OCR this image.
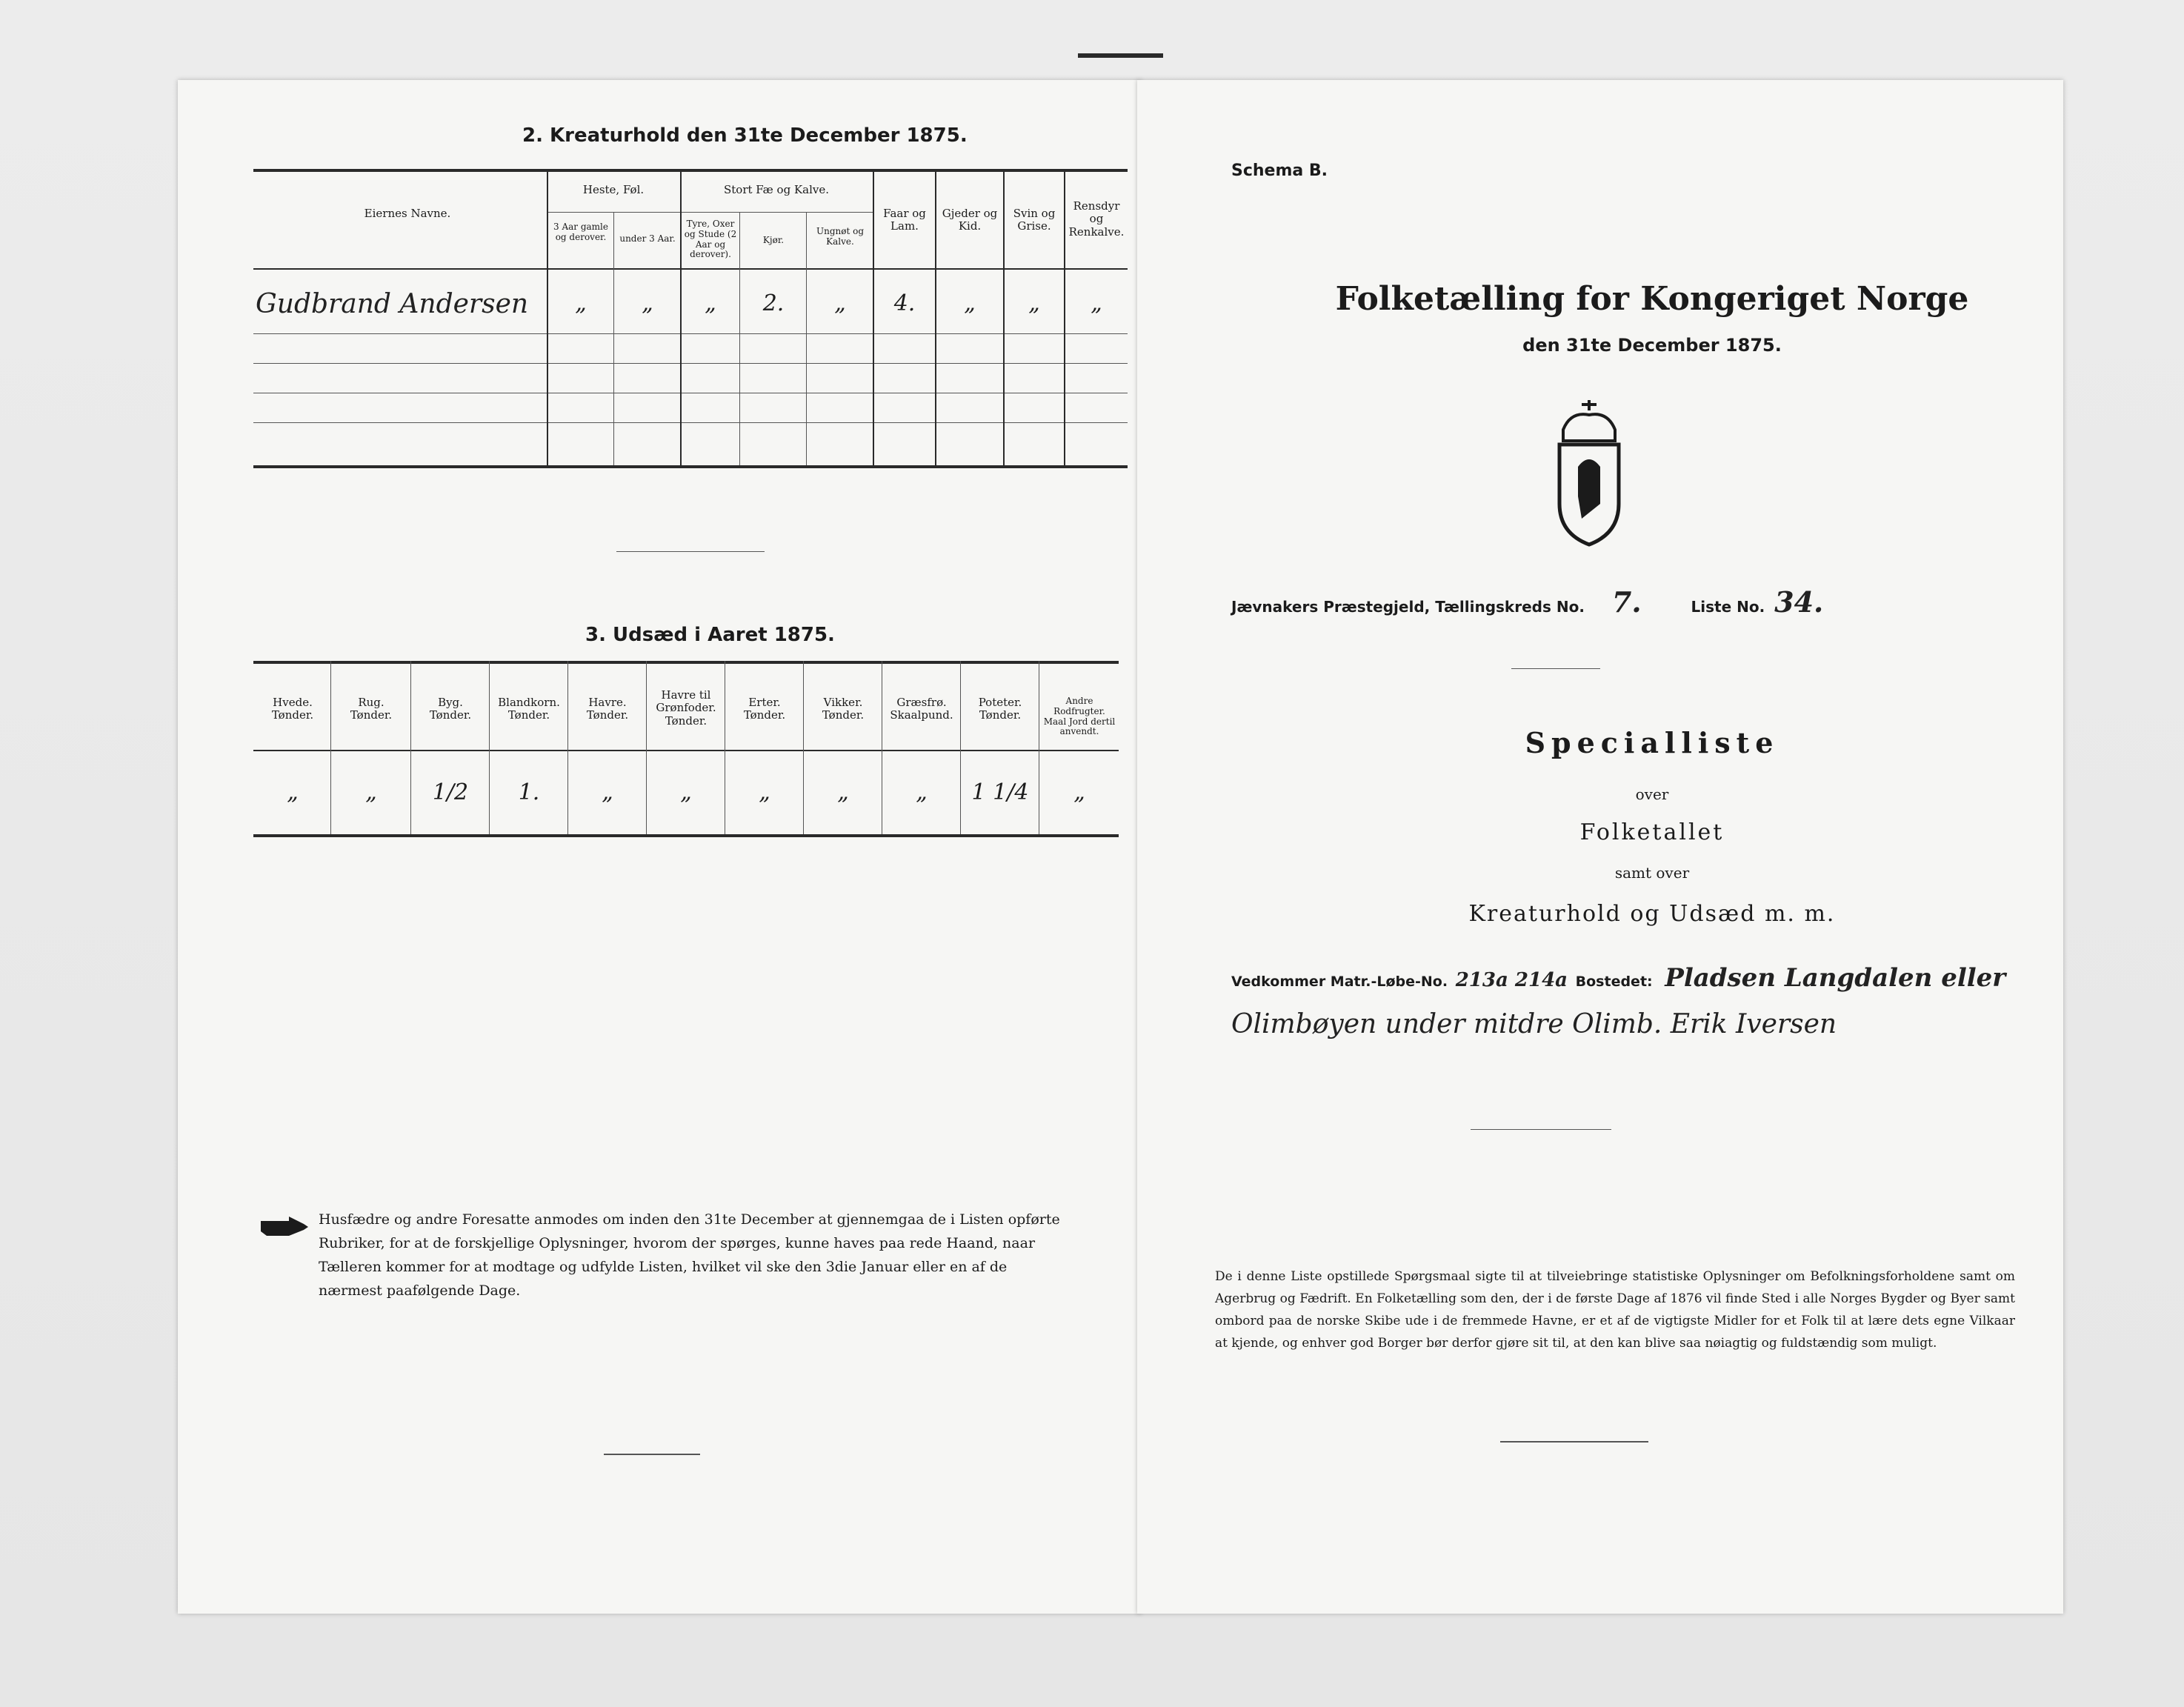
2. Kreaturhold den 31te December 1875.
Eiernes Navne.
Heste, Føl.
3 Aar gamle og derover.	under 3 Aar.
Stort Fæ og Kalve.
Tyre, Oxer og Stude (2 Aar og derover).
Kjør.
Ungnøt og Kalve.
Faar og Lam.
Gjeder og Kid.
Svin og Grise.
Rensdyr og Renkalve.
Gudbrand Andersen	„	„	„	2.	„	4.	„	„	„
3. Udsæd i Aaret 1875.
Hvede.
Tønder.
Rug.
Tønder.
Byg.
Tønder.
Blandkorn.
Tønder.
Havre.
Tønder.
Havre til Grønfoder.
Tønder.
Erter.
Tønder.
Vikker.
Tønder.
Græsfrø.
Skaalpund.
Poteter.
Tønder.
Andre Rodfrugter.
Maal Jord dertil anvendt.
„	„	1/2	1.	„	„	„	„	„	1 1/4	„
Husfædre og andre Foresatte anmodes om inden den 31te December at gjennemgaa de i Listen opførte Rubriker, for at de forskjellige Oplysninger, hvorom der spørges, kunne haves paa rede Haand, naar Tælleren kommer for at modtage og udfylde Listen, hvilket vil ske den 3die Januar eller en af de nærmest paafølgende Dage.
Schema B.
Folketælling for Kongeriget Norge
den 31te December 1875.
Jævnakers Præstegjeld, Tællingskreds No. 7.	Liste No. 34.
Specialliste
over
Folketallet
samt over
Kreaturhold og Udsæd m. m.
Vedkommer Matr.-Løbe-No. 213a 214a Bostedet: Pladsen Langdalen eller
Olimbøyen under mitdre Olimb. Erik Iversen
De i denne Liste opstillede Spørgsmaal sigte til at tilveiebringe statistiske Oplysninger om Befolkningsforholdene samt om Agerbrug og Fædrift. En Folketælling som den, der i de første Dage af 1876 vil finde Sted i alle Norges Bygder og Byer samt ombord paa de norske Skibe ude i de fremmede Havne, er et af de vigtigste Midler for et Folk til at lære dets egne Vilkaar at kjende, og enhver god Borger bør derfor gjøre sit til, at den kan blive saa nøiagtig og fuldstændig som muligt.
